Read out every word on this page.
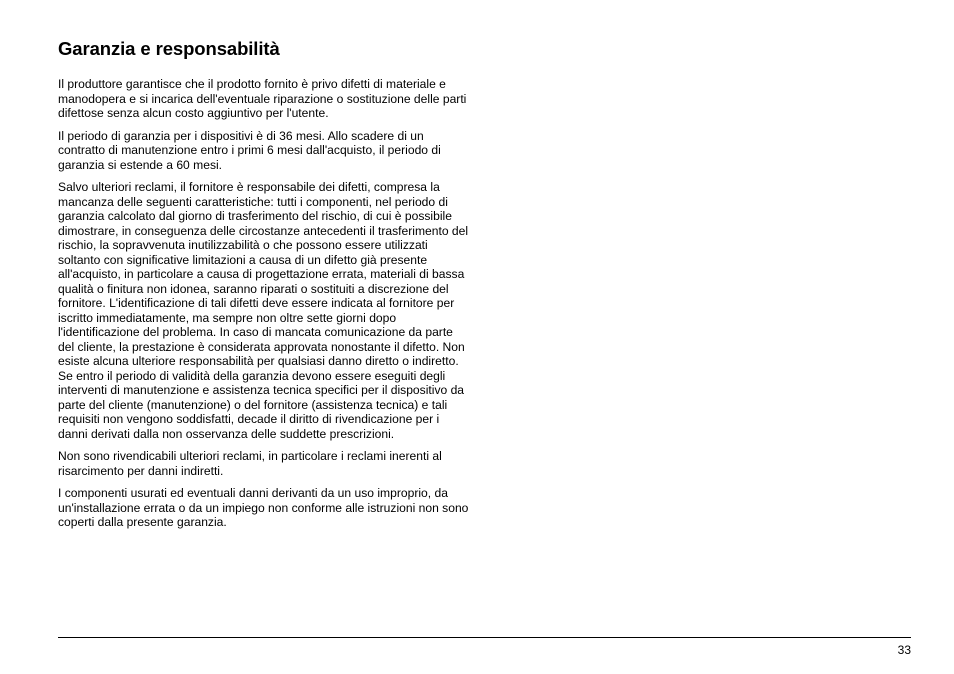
Garanzia e responsabilità

Il produttore garantisce che il prodotto fornito è privo difetti di materiale e manodopera e si incarica dell'eventuale riparazione o sostituzione delle parti difettose senza alcun costo aggiuntivo per l'utente.

Il periodo di garanzia per i dispositivi è di 36 mesi. Allo scadere di un contratto di manutenzione entro i primi 6 mesi dall'acquisto, il periodo di garanzia si estende a 60 mesi.

Salvo ulteriori reclami, il fornitore è responsabile dei difetti, compresa la mancanza delle seguenti caratteristiche: tutti i componenti, nel periodo di garanzia calcolato dal giorno di trasferimento del rischio, di cui è possibile dimostrare, in conseguenza delle circostanze antecedenti il trasferimento del rischio, la sopravvenuta inutilizzabilità o che possono essere utilizzati soltanto con significative limitazioni a causa di un difetto già presente all'acquisto, in particolare a causa di progettazione errata, materiali di bassa qualità o finitura non idonea, saranno riparati o sostituiti a discrezione del fornitore. L'identificazione di tali difetti deve essere indicata al fornitore per iscritto immediatamente, ma sempre non oltre sette giorni dopo l'identificazione del problema. In caso di mancata comunicazione da parte del cliente, la prestazione è considerata approvata nonostante il difetto. Non esiste alcuna ulteriore responsabilità per qualsiasi danno diretto o indiretto. Se entro il periodo di validità della garanzia devono essere eseguiti degli interventi di manutenzione e assistenza tecnica specifici per il dispositivo da parte del cliente (manutenzione) o del fornitore (assistenza tecnica) e tali requisiti non vengono soddisfatti, decade il diritto di rivendicazione per i danni derivati dalla non osservanza delle suddette prescrizioni.

Non sono rivendicabili ulteriori reclami, in particolare i reclami inerenti al risarcimento per danni indiretti.

I componenti usurati ed eventuali danni derivanti da un uso improprio, da un'installazione errata o da un impiego non conforme alle istruzioni non sono coperti dalla presente garanzia.

33
